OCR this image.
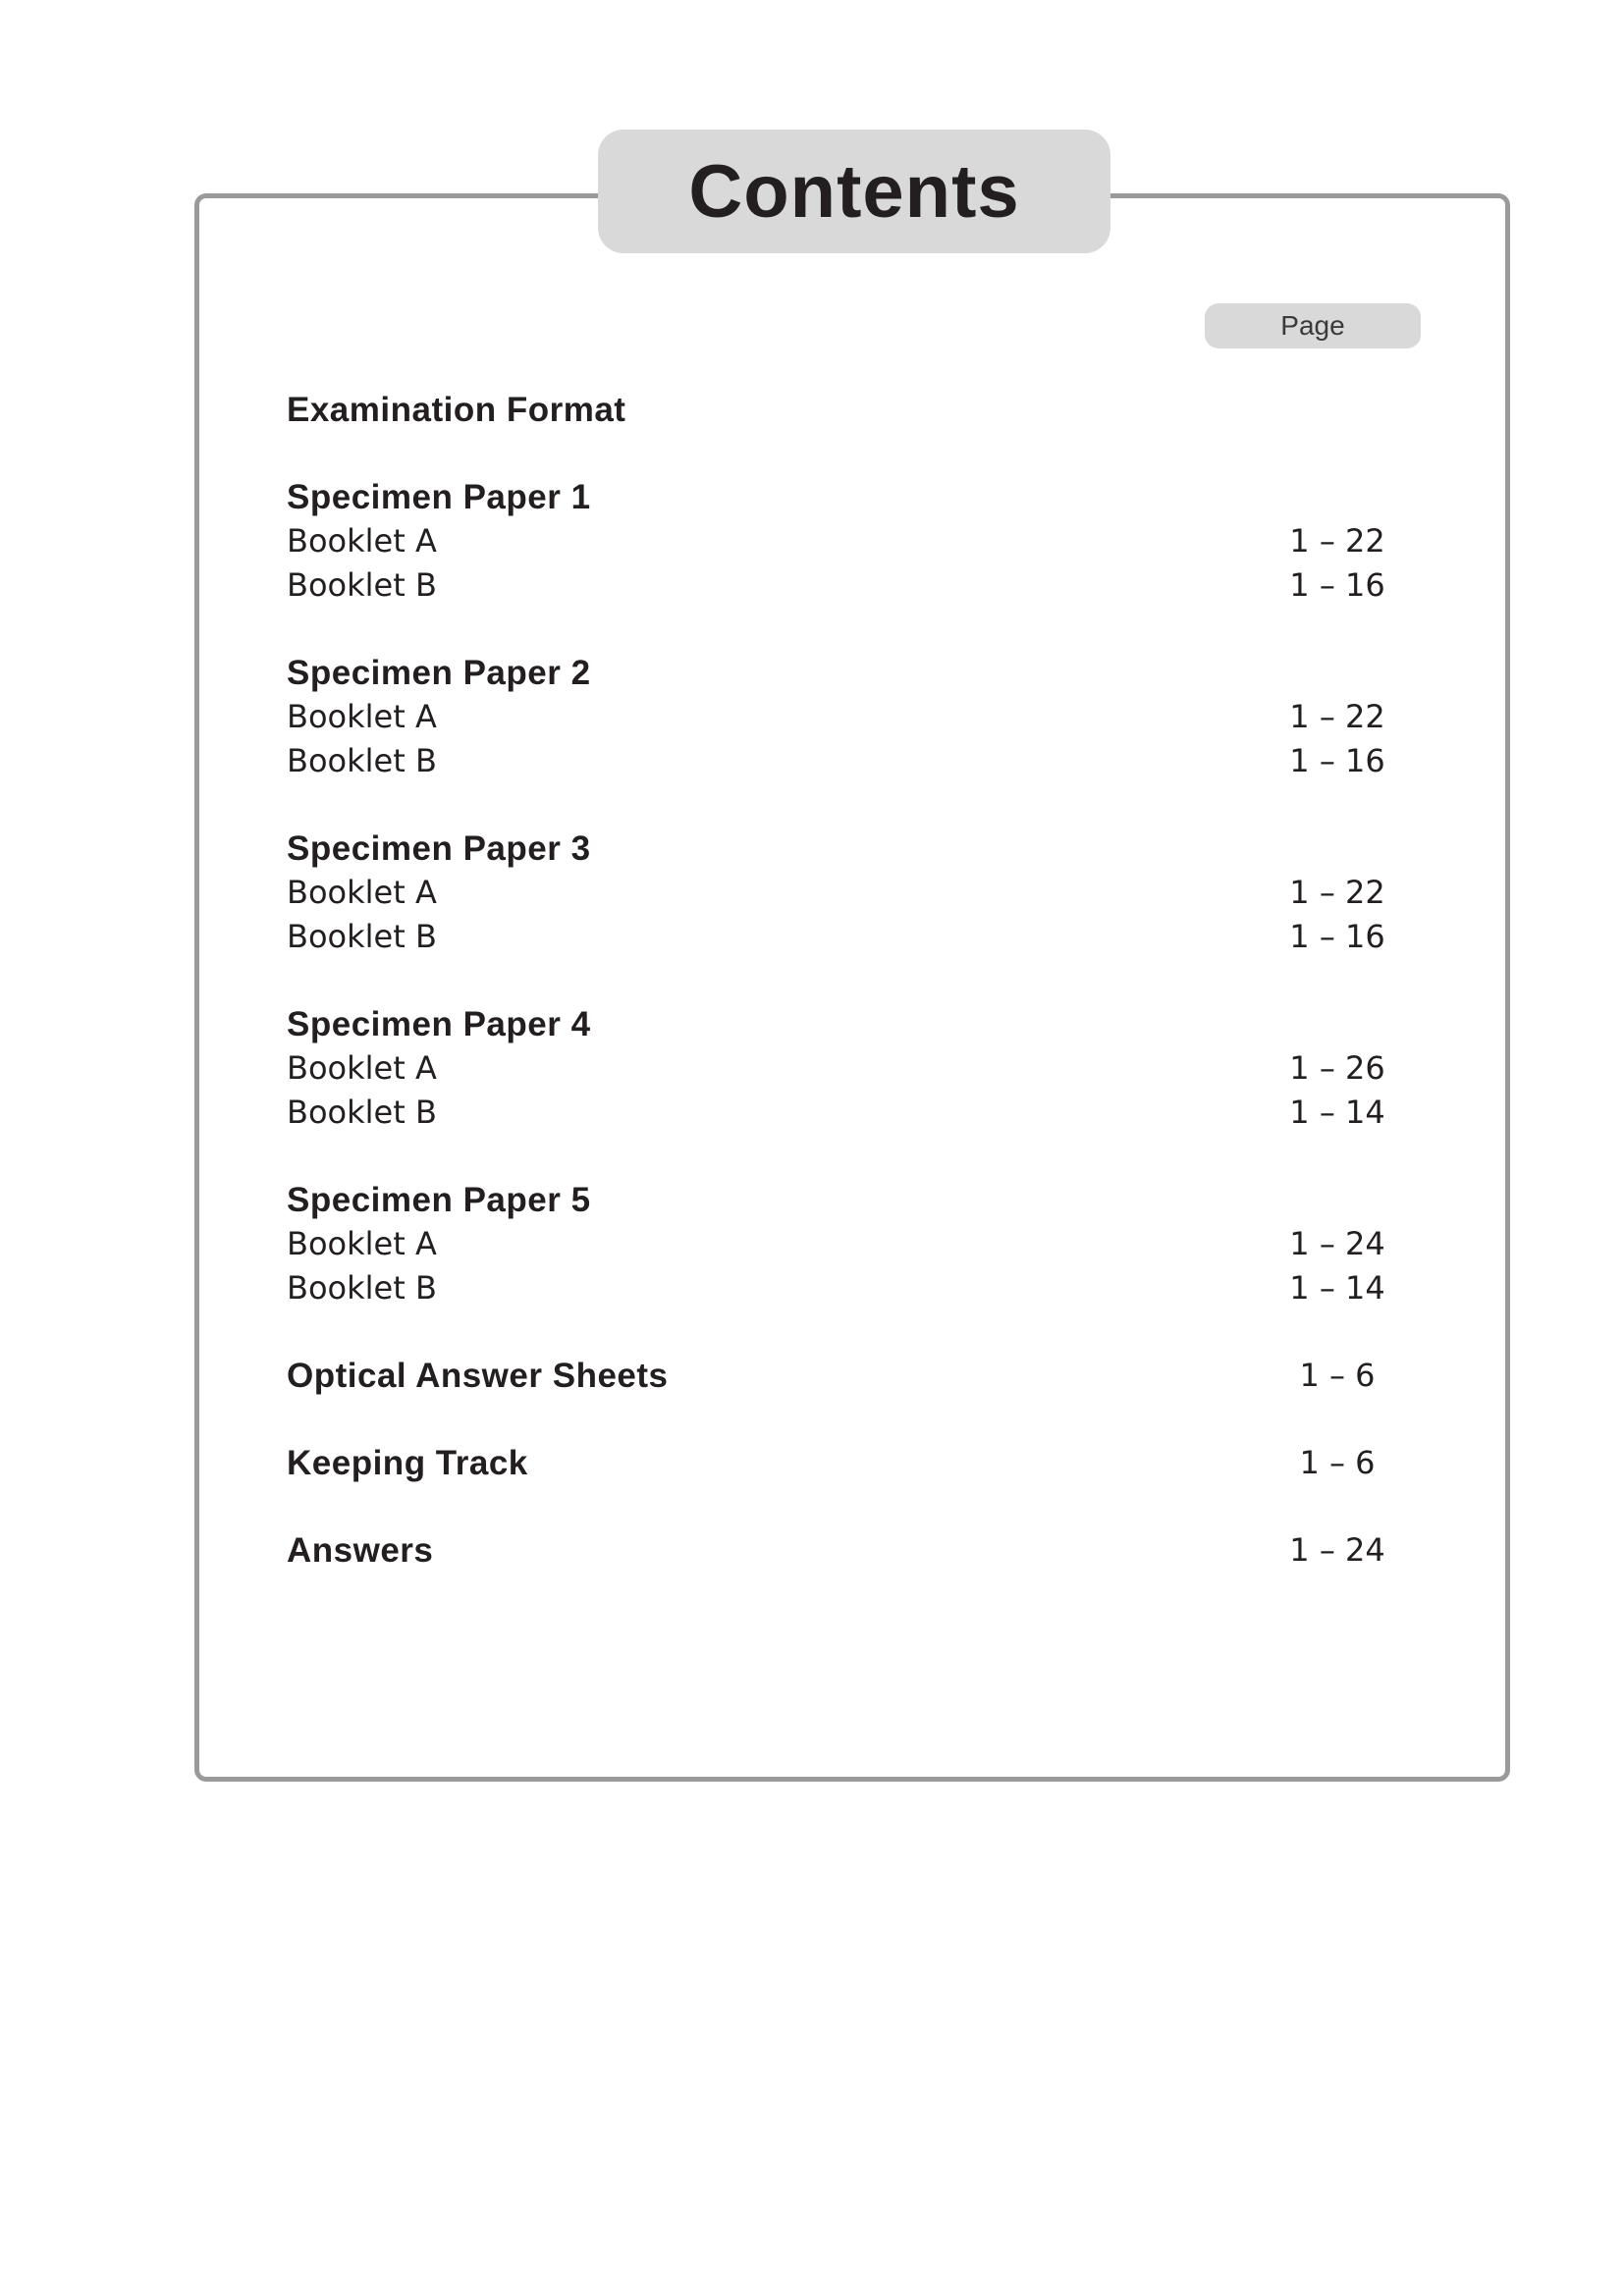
Contents
Page
Examination Format
Specimen Paper 1
Booklet A	1 – 22
Booklet B	1 – 16
Specimen Paper 2
Booklet A	1 – 22
Booklet B	1 – 16
Specimen Paper 3
Booklet A	1 – 22
Booklet B	1 – 16
Specimen Paper 4
Booklet A	1 – 26
Booklet B	1 – 14
Specimen Paper 5
Booklet A	1 – 24
Booklet B	1 – 14
Optical Answer Sheets	1 – 6
Keeping Track	1 – 6
Answers	1 – 24
